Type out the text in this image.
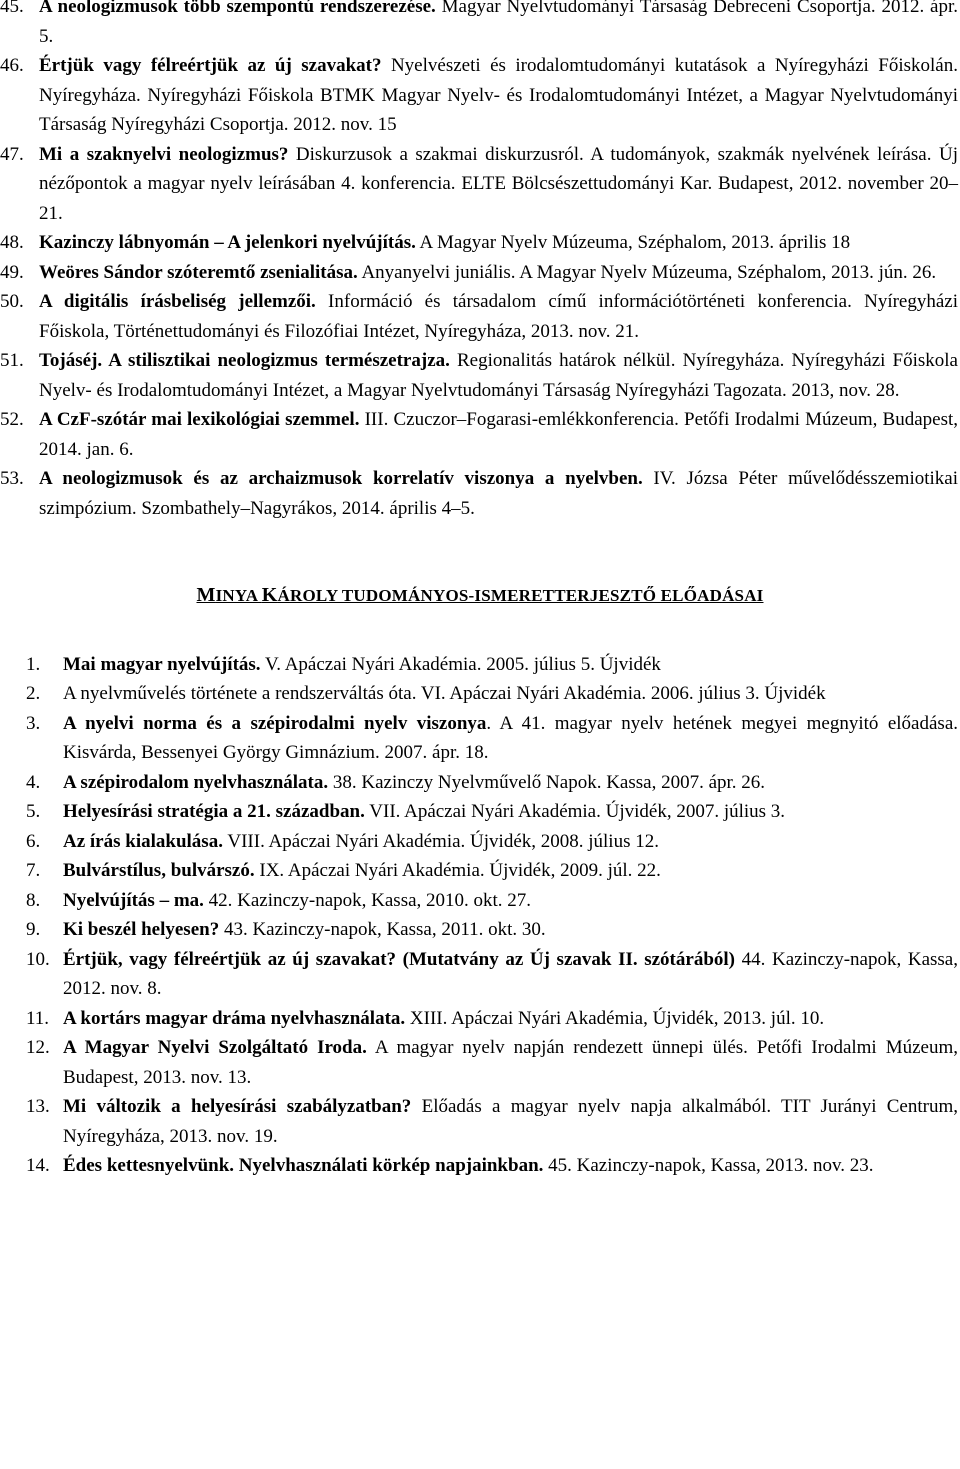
45. A neologizmusok több szempontú rendszerezése. Magyar Nyelvtudományi Társaság Debreceni Csoportja. 2012. ápr. 5.
46. Értjük vagy félreértjük az új szavakat? Nyelvészeti és irodalomtudományi kutatások a Nyíregyházi Főiskolán. Nyíregyháza. Nyíregyházi Főiskola BTMK Magyar Nyelv- és Irodalomtudományi Intézet, a Magyar Nyelvtudományi Társaság Nyíregyházi Csoportja. 2012. nov. 15
47. Mi a szaknyelvi neologizmus? Diskurzusok a szakmai diskurzusról. A tudományok, szakmák nyelvének leírása. Új nézőpontok a magyar nyelv leírásában 4. konferencia. ELTE Bölcsészettudományi Kar. Budapest, 2012. november 20–21.
48. Kazinczy lábnyomán – A jelenkori nyelvújítás. A Magyar Nyelv Múzeuma, Széphalom, 2013. április 18
49. Weöres Sándor szóteremtő zsenialitása. Anyanyelvi juniális. A Magyar Nyelv Múzeuma, Széphalom, 2013. jún. 26.
50. A digitális írásbeliség jellemzői. Információ és társadalom című információtörténeti konferencia. Nyíregyházi Főiskola, Történettudományi és Filozófiai Intézet, Nyíregyháza, 2013. nov. 21.
51. Tojáséj. A stilisztikai neologizmus természetrajza. Regionalitás határok nélkül. Nyíregyháza. Nyíregyházi Főiskola Nyelv- és Irodalomtudományi Intézet, a Magyar Nyelvtudományi Társaság Nyíregyházi Tagozata. 2013, nov. 28.
52. A CzF-szótár mai lexikológiai szemmel. III. Czuczor–Fogarasi-emlékkonferencia. Petőfi Irodalmi Múzeum, Budapest, 2014. jan. 6.
53. A neologizmusok és az archaizmusok korrelatív viszonya a nyelvben. IV. Józsa Péter művelődésszemiotikai szimpózium. Szombathely–Nagyrákos, 2014. április 4–5.
MINYA KÁROLY TUDOMÁNYOS-ISMERETTERJESZTŐ ELŐADÁSAI
1.	Mai magyar nyelvújítás. V. Apáczai Nyári Akadémia. 2005. július 5. Újvidék
2.	A nyelvművelés története a rendszerváltás óta. VI. Apáczai Nyári Akadémia. 2006. július 3. Újvidék
3.	A nyelvi norma és a szépirodalmi nyelv viszonya. A 41. magyar nyelv hetének megyei megnyitó előadása. Kisvárda, Bessenyei György Gimnázium. 2007. ápr. 18.
4.	A szépirodalom nyelvhasználata. 38. Kazinczy Nyelvművelő Napok. Kassa, 2007. ápr. 26.
5.	Helyesírási stratégia a 21. században. VII. Apáczai Nyári Akadémia. Újvidék, 2007. július 3.
6.	Az írás kialakulása. VIII. Apáczai Nyári Akadémia. Újvidék, 2008. július 12.
7.	Bulvárstílus, bulvárszó. IX. Apáczai Nyári Akadémia. Újvidék, 2009. júl. 22.
8.	Nyelvújítás – ma. 42. Kazinczy-napok, Kassa, 2010. okt. 27.
9.	Ki beszél helyesen? 43. Kazinczy-napok, Kassa, 2011. okt. 30.
10. Értjük, vagy félreértjük az új szavakat? (Mutatvány az Új szavak II. szótárából) 44. Kazinczy-napok, Kassa, 2012. nov. 8.
11. A kortárs magyar dráma nyelvhasználata. XIII. Apáczai Nyári Akadémia, Újvidék, 2013. júl. 10.
12. A Magyar Nyelvi Szolgáltató Iroda. A magyar nyelv napján rendezett ünnepi ülés. Petőfi Irodalmi Múzeum, Budapest, 2013. nov. 13.
13. Mi változik a helyesírási szabályzatban? Előadás a magyar nyelv napja alkalmából. TIT Jurányi Centrum, Nyíregyháza, 2013. nov. 19.
14. Édes kettesnyelvünk. Nyelvhasználati körkép napjainkban. 45. Kazinczy-napok, Kassa, 2013. nov. 23.
